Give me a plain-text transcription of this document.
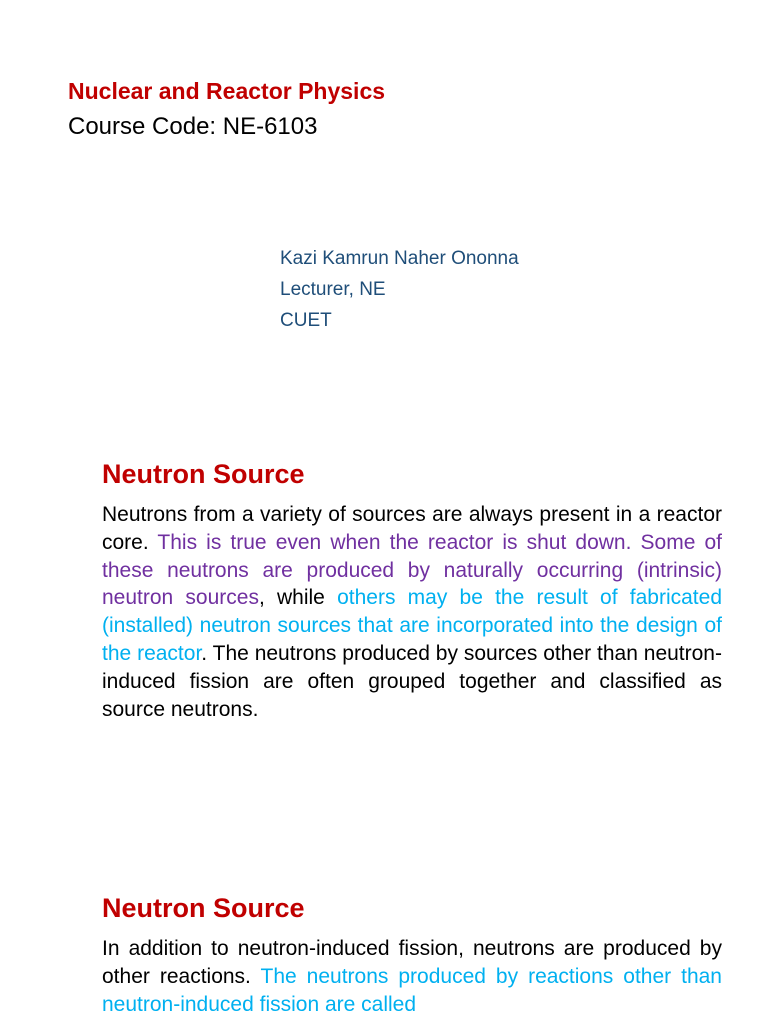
Nuclear and Reactor Physics
Course Code: NE-6103
Kazi Kamrun Naher Ononna
Lecturer, NE
CUET
Neutron Source
Neutrons from a variety of sources are always present in a reactor core. This is true even when the reactor is shut down. Some of these neutrons are produced by naturally occurring (intrinsic) neutron sources, while others may be the result of fabricated (installed) neutron sources that are incorporated into the design of the reactor. The neutrons produced by sources other than neutron-induced fission are often grouped together and classified as source neutrons.
Neutron Source
In addition to neutron-induced fission, neutrons are produced by other reactions. The neutrons produced by reactions other than neutron-induced fission are called
